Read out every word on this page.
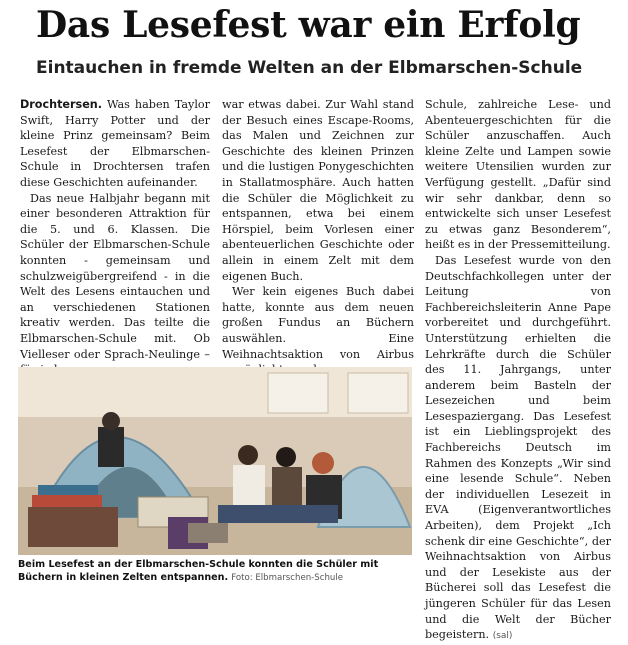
Das Lesefest war ein Erfolg
Eintauchen in fremde Welten an der Elbmarschen-Schule

Drochtersen. Was haben Taylor Swift, Harry Potter und der kleine Prinz gemeinsam? Beim Lesefest der Elbmarschen-Schule in Drochtersen trafen diese Geschichten aufeinander.

Das neue Halbjahr begann mit einer besonderen Attraktion für die 5. und 6. Klassen. Die Schüler der Elbmarschen-Schule konnten - gemeinsam und schulzweigübergreifend - in die Welt des Lesens eintauchen und an verschiedenen Stationen kreativ werden. Das teilte die Elbmarschen-Schule mit. Ob Vielleser oder Sprach-Neulinge –

war etwas dabei. Zur Wahl stand der Besuch eines Escape-Rooms, das Malen und Zeichnen zur Geschichte des kleinen Prinzen und die lustigen Ponygeschichten in Stallatmosphäre. Auch hatten die Schüler die Möglichkeit zu entspannen, etwa bei einem Hörspiel, beim Vorlesen einer abenteuerlichen Geschichte oder allein in einem Zelt mit dem eigenen Buch.

Wer kein eigenes Buch dabei hatte, konnte aus dem neuen großen Fundus an Büchern auswählen. Eine Weihnachtsaktion von Airbus

Schule, zahlreiche Lese- und Abenteuergeschichten für die Schüler anzuschaffen. Auch kleine Zelte und Lampen sowie weitere Utensilien wurden zur Verfügung gestellt. „Dafür sind wir sehr dankbar, denn so entwickelte sich unser Lesefest zu etwas ganz Besonderem“, heißt es in der Pressemitteilung.

Das Lesefest wurde von den Deutschfachkollegen unter der Leitung von Fachbereichsleiterin Anne Pape vorbereitet und durchgeführt. Unterstützung erhielten die Lehrkräfte durch die Schüler des 11. Jahrgangs, unter anderem beim Basteln der Lesezeichen und beim Lesespaziergang. Das Lesefest ist ein Lieblingsprojekt des Fachbereichs Deutsch im Rahmen des Konzepts „Wir sind eine lesende Schule“. Neben der individuellen Lesezeit in EVA (Eigenverantwortliches Arbeiten), dem Projekt „Ich schenk dir eine Geschichte“, der Weihnachtsaktion von Airbus und der Lesekiste aus der Bücherei soll das Lesefest die jüngeren Schüler für das Lesen und die Welt der Bücher begeistern. (sal)

Beim Lesefest an der Elbmarschen-Schule konnten die Schüler mit Büchern in kleinen Zelten entspannen. Foto: Elbmarschen-Schule
